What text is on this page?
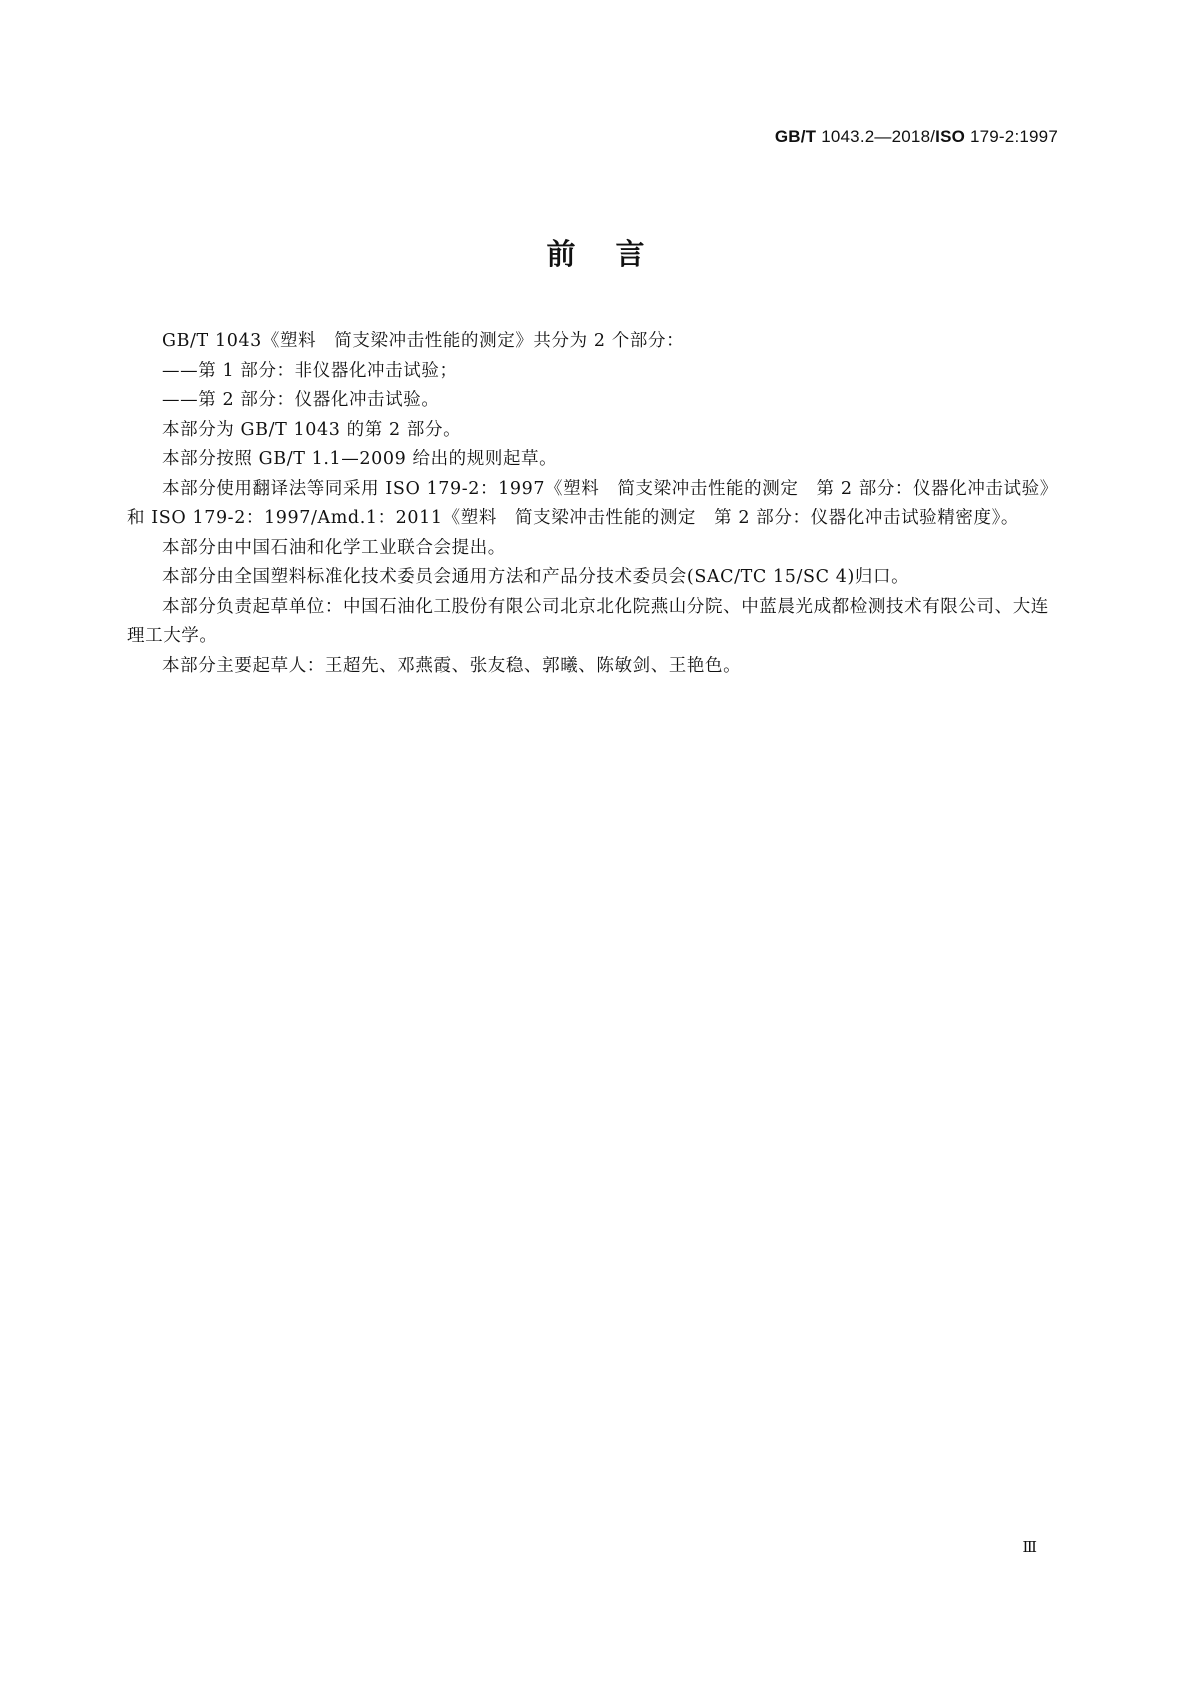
GB/T 1043.2—2018/ISO 179-2:1997
前言

GB/T 1043《塑料　简支梁冲击性能的测定》共分为 2 个部分：

——第 1 部分：非仪器化冲击试验；

——第 2 部分：仪器化冲击试验。

本部分为 GB/T 1043 的第 2 部分。

本部分按照 GB/T 1.1—2009 给出的规则起草。

本部分使用翻译法等同采用 ISO 179-2：1997《塑料　简支梁冲击性能的测定　第 2 部分：仪器化冲击试验》和 ISO 179-2：1997/Amd.1：2011《塑料　简支梁冲击性能的测定　第 2 部分：仪器化冲击试验精密度》。

本部分由中国石油和化学工业联合会提出。

本部分由全国塑料标准化技术委员会通用方法和产品分技术委员会(SAC/TC 15/SC 4)归口。

本部分负责起草单位：中国石油化工股份有限公司北京北化院燕山分院、中蓝晨光成都检测技术有限公司、大连理工大学。

本部分主要起草人：王超先、邓燕霞、张友稳、郭曦、陈敏剑、王艳色。

Ⅲ
